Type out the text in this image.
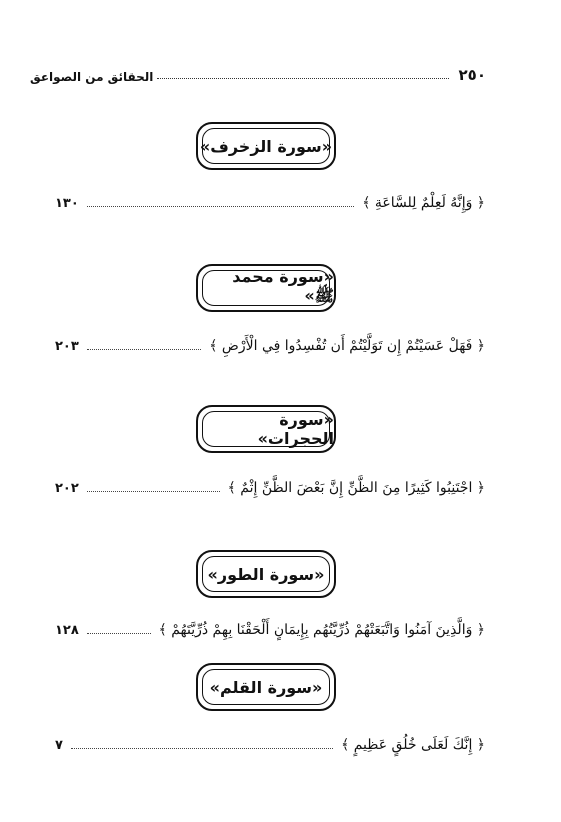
٢٥٠
الحقائق من الصواعق
«سورة الزخرف»
﴿ وَإِنَّهُ لَعِلْمٌ لِلسَّاعَةِ ﴾
١٣٠
«سورة محمد ﷺ»
﴿ فَهَلْ عَسَيْتُمْ إِن تَوَلَّيْتُمْ أَن تُفْسِدُوا فِي الْأَرْضِ ﴾
٢٠٣
«سورة الحجرات»
﴿ اجْتَنِبُوا كَثِيرًا مِنَ الظَّنِّ إِنَّ بَعْضَ الظَّنِّ إِثْمٌ ﴾
٢٠٢
«سورة الطور»
﴿ وَالَّذِينَ آمَنُوا وَاتَّبَعَتْهُمْ ذُرِّيَّتُهُم بِإِيمَانٍ أَلْحَقْنَا بِهِمْ ذُرِّيَّتَهُمْ ﴾
١٢٨
«سورة القلم»
﴿ إِنَّكَ لَعَلَى خُلُقٍ عَظِيمٍ ﴾
٧
